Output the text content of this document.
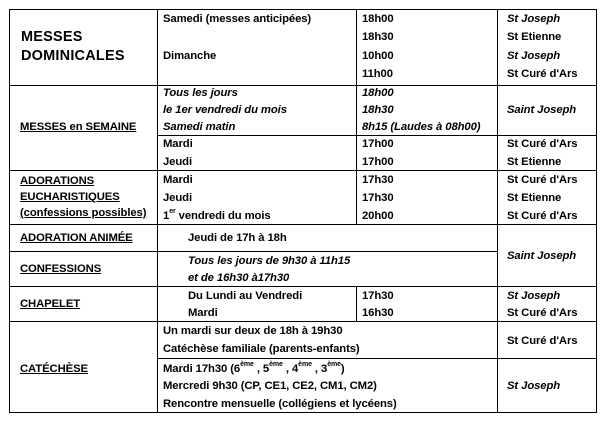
MESSES
DOMINICALES
Samedi (messes anticipées)
Dimanche
18h00
18h30
10h00
11h00
St Joseph
St Etienne
St Joseph
St Curé d'Ars
MESSES en SEMAINE
Tous les jours
le 1er vendredi du mois
Samedi matin
18h00
18h30
8h15 (Laudes à 08h00)
Saint Joseph
Mardi
Jeudi
17h00
17h00
St Curé d'Ars
St Etienne
ADORATIONS
EUCHARISTIQUES
(confessions possibles)
Mardi
Jeudi
1er vendredi du mois
17h30
17h30
20h00
St Curé d'Ars
St Etienne
St Curé d'Ars
ADORATION ANIMÉE	Jeudi de 17h à 18h
CONFESSIONS
Tous les jours de 9h30 à 11h15
et de 16h30 à17h30
Saint Joseph
CHAPELET
Du Lundi au Vendredi
Mardi
17h30
16h30
St Joseph
St Curé d'Ars
CATÉCHÈSE
Un mardi sur deux de 18h à 19h30
Catéchèse familiale (parents-enfants)
St Curé d'Ars
Mardi 17h30 (6ème , 5ème , 4ème , 3ème)
Mercredi 9h30 (CP, CE1, CE2, CM1, CM2)
Rencontre mensuelle (collégiens et lycéens)
St Joseph
